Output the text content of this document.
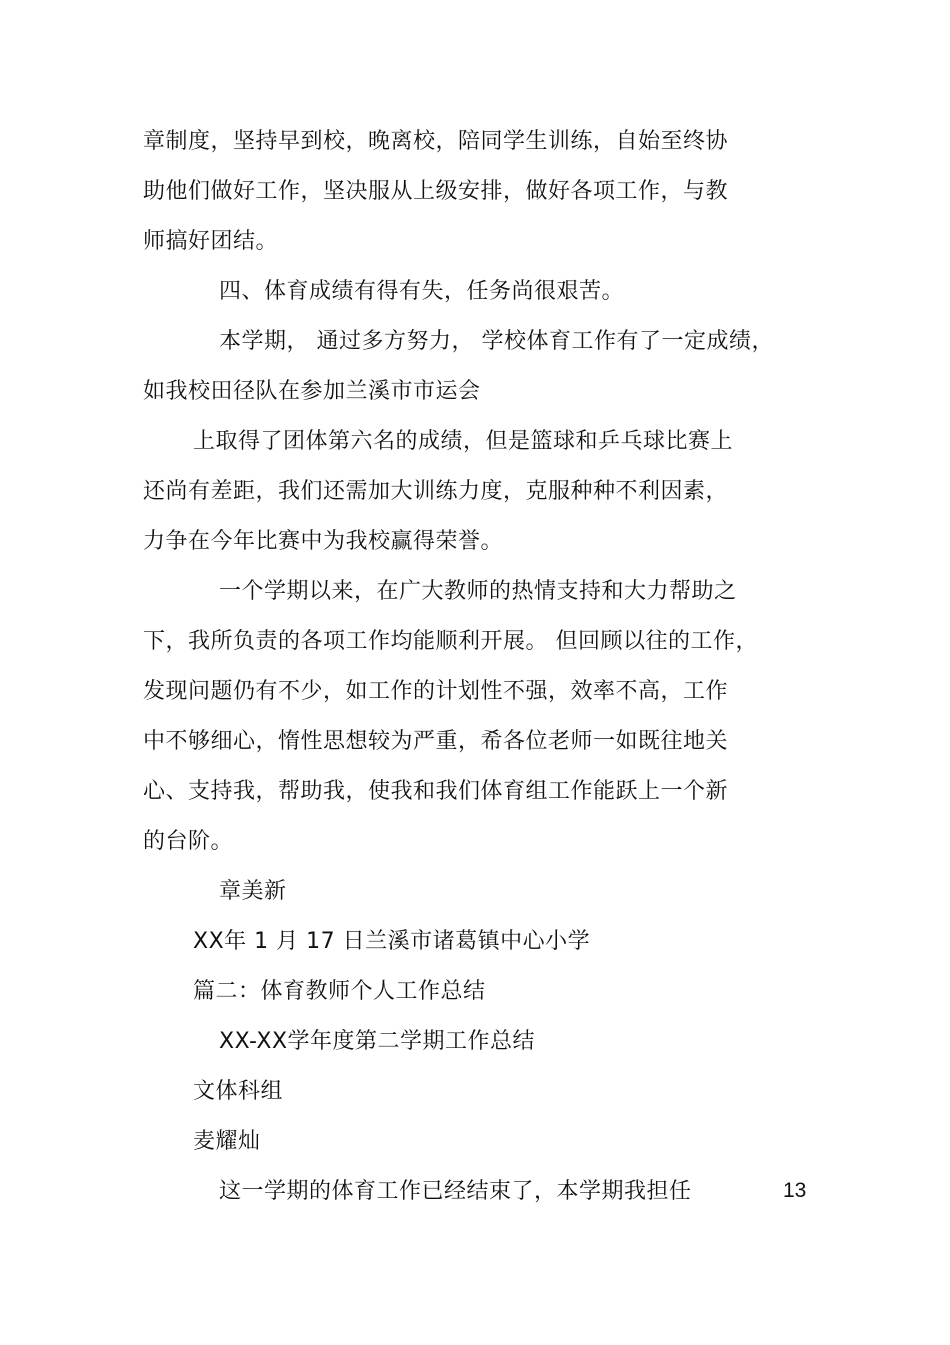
章制度，坚持早到校，晚离校，陪同学生训练，自始至终协
助他们做好工作，坚决服从上级安排，做好各项工作，与教
师搞好团结。
四、体育成绩有得有失，任务尚很艰苦。
本学期， 通过多方努力， 学校体育工作有了一定成绩，
如我校田径队在参加兰溪市市运会
上取得了团体第六名的成绩，但是篮球和乒乓球比赛上
还尚有差距，我们还需加大训练力度，克服种种不利因素，
力争在今年比赛中为我校赢得荣誉。
一个学期以来，在广大教师的热情支持和大力帮助之
下，我所负责的各项工作均能顺利开展。 但回顾以往的工作，
发现问题仍有不少，如工作的计划性不强，效率不高，工作
中不够细心，惰性思想较为严重，希各位老师一如既往地关
心、支持我，帮助我，使我和我们体育组工作能跃上一个新
的台阶。
章美新
XX年 1 月 17 日兰溪市诸葛镇中心小学
篇二：体育教师个人工作总结
XX-XX学年度第二学期工作总结
文体科组
麦耀灿
这一学期的体育工作已经结束了，本学期我担任	13
